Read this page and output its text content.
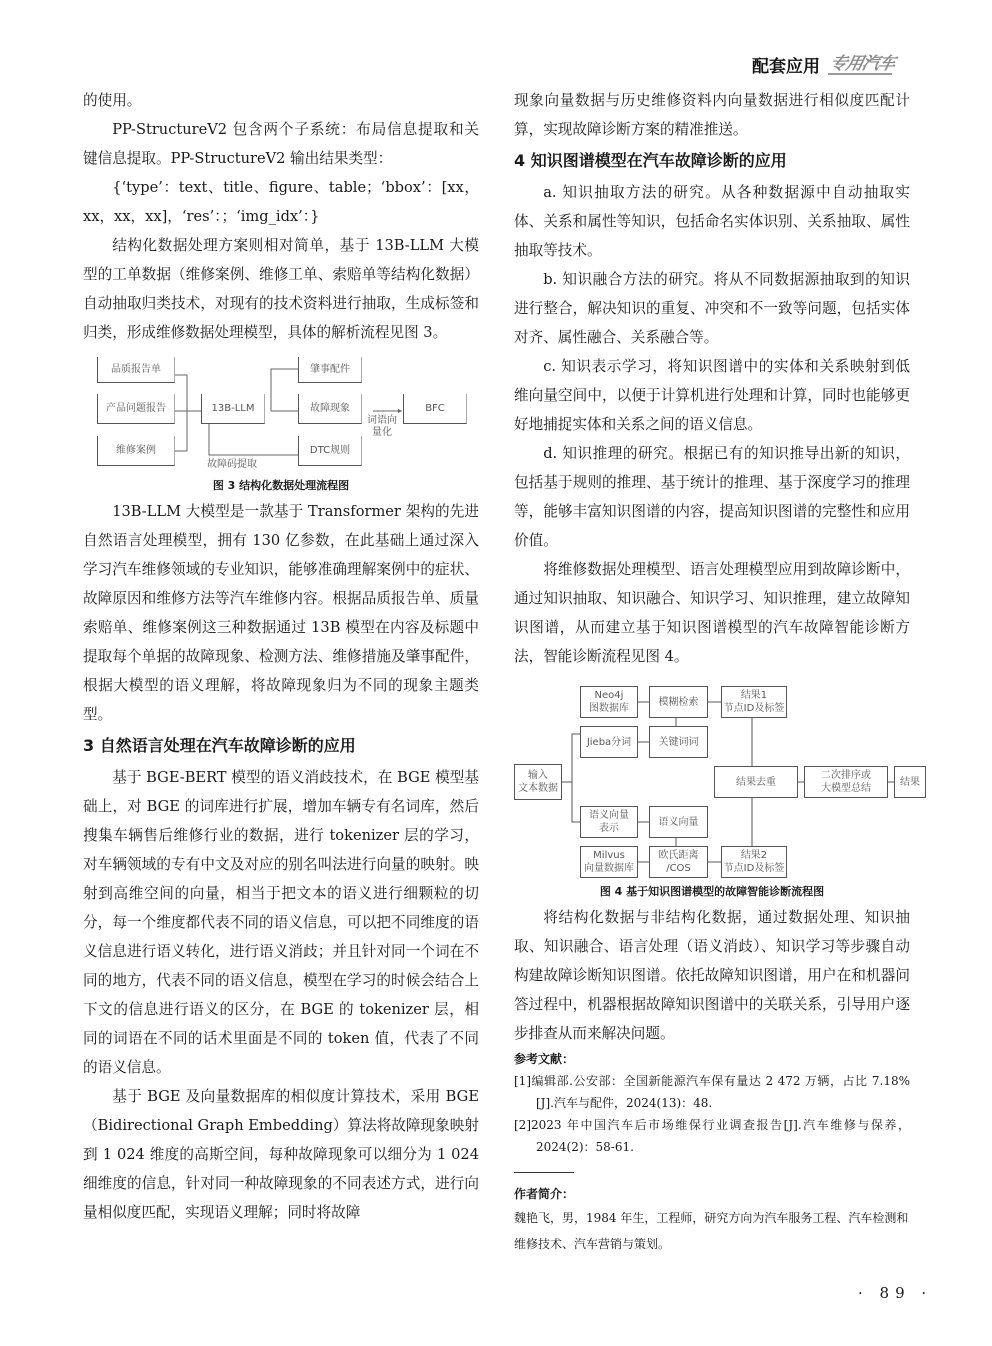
配套应用 专用汽车

的使用。

PP-StructureV2 包含两个子系统：布局信息提取和关键信息提取。PP-StructureV2 输出结果类型：

{‘type’：text、title、figure、table；‘bbox’：[xx，xx，xx，xx]，‘res’：；‘img_idx’：}

结构化数据处理方案则相对简单，基于 13B-LLM 大模型的工单数据（维修案例、维修工单、索赔单等结构化数据）自动抽取归类技术，对现有的技术资料进行抽取，生成标签和归类，形成维修数据处理模型，具体的解析流程见图 3。

品质报告单
产品问题报告
维修案例
13B-LLM
肇事配件
故障现象
DTC规则
BFC
故障码提取
词语向量化
图 3 结构化数据处理流程图

13B-LLM 大模型是一款基于 Transformer 架构的先进自然语言处理模型，拥有 130 亿参数，在此基础上通过深入学习汽车维修领域的专业知识，能够准确理解案例中的症状、故障原因和维修方法等汽车维修内容。根据品质报告单、质量索赔单、维修案例这三种数据通过 13B 模型在内容及标题中提取每个单据的故障现象、检测方法、维修措施及肇事配件，根据大模型的语义理解，将故障现象归为不同的现象主题类型。

3 自然语言处理在汽车故障诊断的应用

基于 BGE-BERT 模型的语义消歧技术，在 BGE 模型基础上，对 BGE 的词库进行扩展，增加车辆专有名词库，然后搜集车辆售后维修行业的数据，进行 tokenizer 层的学习，对车辆领域的专有中文及对应的别名叫法进行向量的映射。映射到高维空间的向量，相当于把文本的语义进行细颗粒的切分，每一个维度都代表不同的语义信息，可以把不同维度的语义信息进行语义转化，进行语义消歧；并且针对同一个词在不同的地方，代表不同的语义信息，模型在学习的时候会结合上下文的信息进行语义的区分，在 BGE 的 tokenizer 层，相同的词语在不同的话术里面是不同的 token 值，代表了不同的语义信息。

基于 BGE 及向量数据库的相似度计算技术，采用 BGE（Bidirectional Graph Embedding）算法将故障现象映射到 1 024 维度的高斯空间，每种故障现象可以细分为 1 024 细维度的信息，针对同一种故障现象的不同表述方式，进行向量相似度匹配，实现语义理解；同时将故障

现象向量数据与历史维修资料内向量数据进行相似度匹配计算，实现故障诊断方案的精准推送。

4 知识图谱模型在汽车故障诊断的应用

a. 知识抽取方法的研究。从各种数据源中自动抽取实体、关系和属性等知识，包括命名实体识别、关系抽取、属性抽取等技术。

b. 知识融合方法的研究。将从不同数据源抽取到的知识进行整合，解决知识的重复、冲突和不一致等问题，包括实体对齐、属性融合、关系融合等。

c. 知识表示学习，将知识图谱中的实体和关系映射到低维向量空间中，以便于计算机进行处理和计算，同时也能够更好地捕捉实体和关系之间的语义信息。

d. 知识推理的研究。根据已有的知识推导出新的知识，包括基于规则的推理、基于统计的推理、基于深度学习的推理等，能够丰富知识图谱的内容，提高知识图谱的完整性和应用价值。

将维修数据处理模型、语言处理模型应用到故障诊断中，通过知识抽取、知识融合、知识学习、知识推理，建立故障知识图谱，从而建立基于知识图谱模型的汽车故障智能诊断方法，智能诊断流程见图 4。

输入
文本数据
Neo4j
图数据库
模糊检索
Jieba分词	关键词词
语义向量
表示
语义向量
Milvus
向量数据库
欧氏距离
/COS
结果1
节点ID及标签
结果2
节点ID及标签
结果去重
二次排序或
大模型总结
结果
图 4 基于知识图谱模型的故障智能诊断流程图

将结构化数据与非结构化数据，通过数据处理、知识抽取、知识融合、语言处理（语义消歧）、知识学习等步骤自动构建故障诊断知识图谱。依托故障知识图谱，用户在和机器问答过程中，机器根据故障知识图谱中的关联关系，引导用户逐步排查从而来解决问题。

参考文献：
[1]编辑部.公安部：全国新能源汽车保有量达 2 472 万辆，占比 7.18%[J].汽车与配件，2024(13)：48.
[2]2023 年中国汽车后市场维保行业调查报告[J].汽车维修与保养，2024(2)：58-61.
作者简介：
魏艳飞，男，1984 年生，工程师，研究方向为汽车服务工程、汽车检测和维修技术、汽车营销与策划。
· 89 ·
